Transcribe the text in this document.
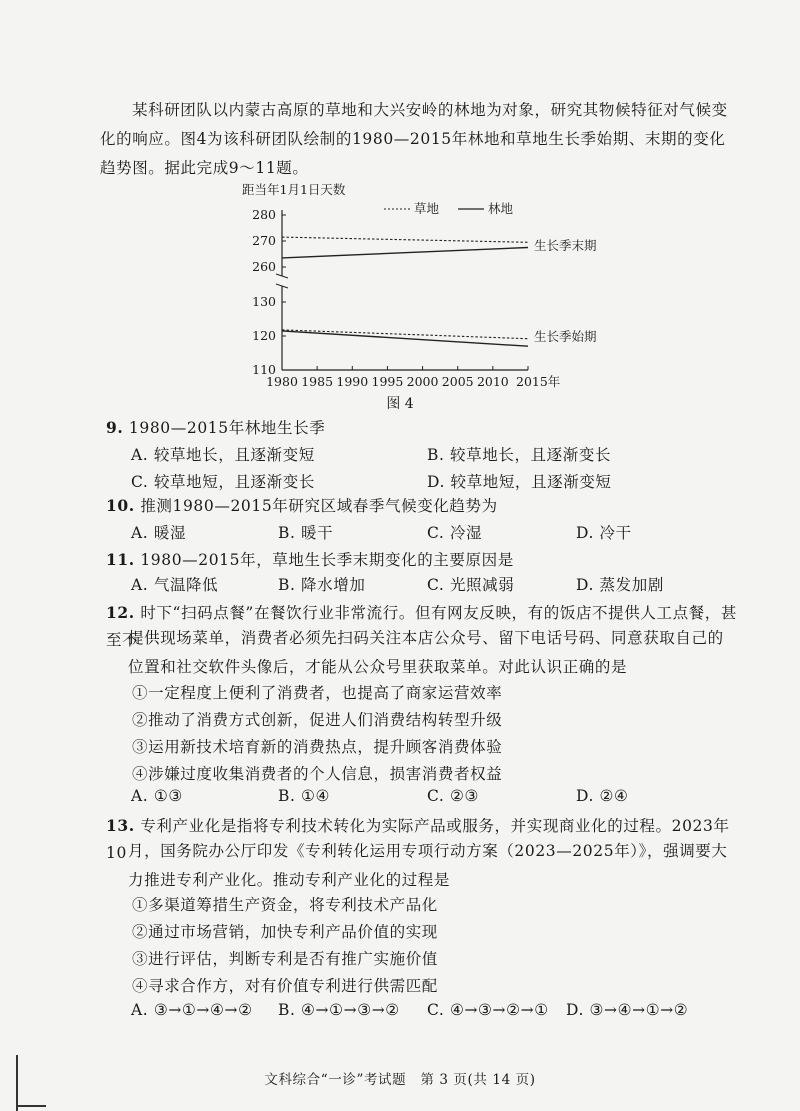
某科研团队以内蒙古高原的草地和大兴安岭的林地为对象，研究其物候特征对气候变化的响应。图4为该科研团队绘制的1980—2015年林地和草地生长季始期、末期的变化趋势图。据此完成9～11题。

距当年1月1日天数
280
270
260
130
120
110
1980 1985 1990 1995 2000 2005 2010 2015年
草地	林地
生长季末期
生长季始期
图 4
9. 1980—2015年林地生长季
A. 较草地长，且逐渐变短	B. 较草地长，且逐渐变长
C. 较草地短，且逐渐变长	D. 较草地短，且逐渐变短
10. 推测1980—2015年研究区域春季气候变化趋势为
A. 暖湿	B. 暖干	C. 冷湿	D. 冷干
11. 1980—2015年，草地生长季末期变化的主要原因是
A. 气温降低	B. 降水增加	C. 光照减弱	D. 蒸发加剧
12. 时下“扫码点餐”在餐饮行业非常流行。但有网友反映，有的饭店不提供人工点餐，甚至不
提供现场菜单，消费者必须先扫码关注本店公众号、留下电话号码、同意获取自己的位置和社交软件头像后，才能从公众号里获取菜单。对此认识正确的是
①一定程度上便利了消费者，也提高了商家运营效率
②推动了消费方式创新，促进人们消费结构转型升级
③运用新技术培育新的消费热点，提升顾客消费体验
④涉嫌过度收集消费者的个人信息，损害消费者权益
A. ①③	B. ①④	C. ②③	D. ②④
13. 专利产业化是指将专利技术转化为实际产品或服务，并实现商业化的过程。2023年10 月，国务院办公厅印发《专利转化运用专项行动方案（2023—2025年）》，强调要大力推进专利产业化。推动专利产业化的过程是
①多渠道筹措生产资金，将专利技术产品化
②通过市场营销，加快专利产品价值的实现
③进行评估，判断专利是否有推广实施价值
④寻求合作方，对有价值专利进行供需匹配
A. ③→①→④→② B. ④→①→③→② C. ④→③→②→① D. ③→④→①→②
文科综合“一诊”考试题　第 3 页(共 14 页)
